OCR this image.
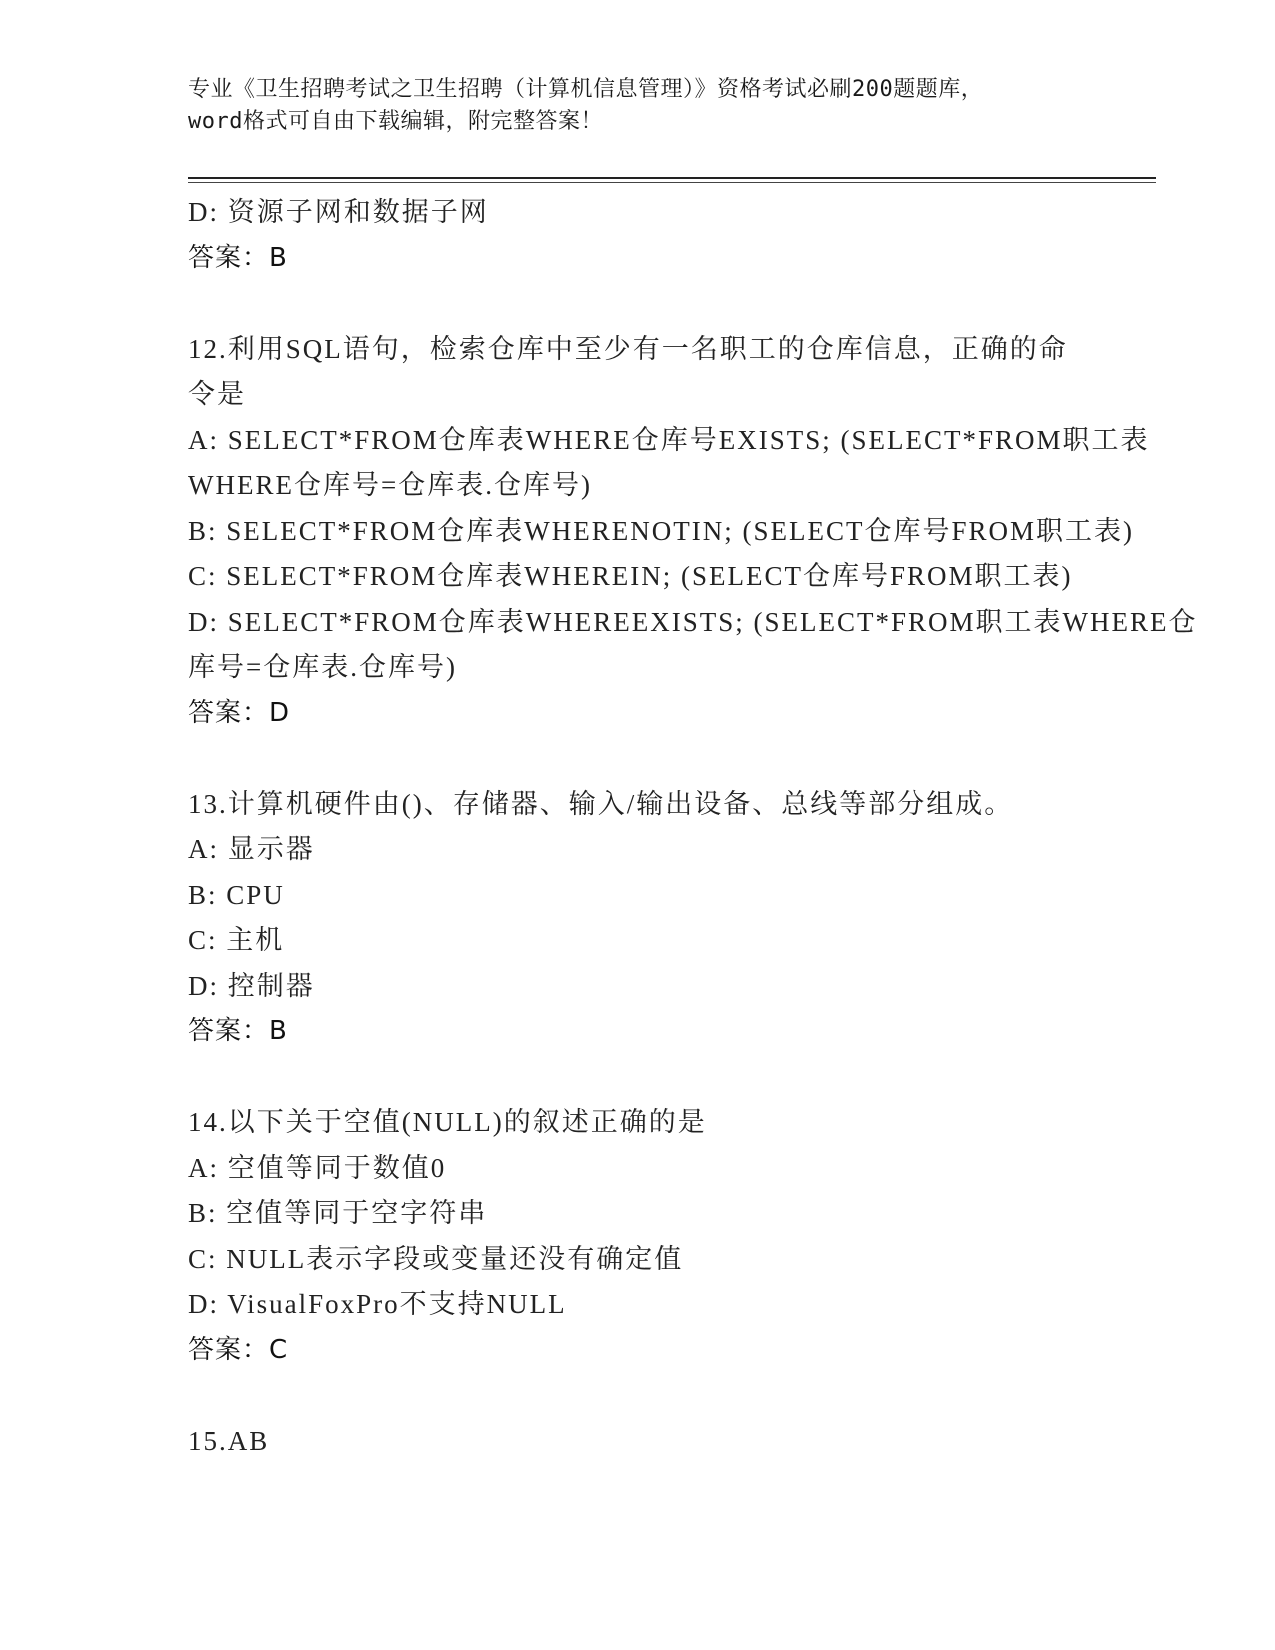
专业《卫生招聘考试之卫生招聘（计算机信息管理）》资格考试必刷200题题库，
word格式可自由下载编辑，附完整答案！
D: 资源子网和数据子网
答案：B
12.利用SQL语句，检索仓库中至少有一名职工的仓库信息，正确的命
令是
A: SELECT*FROM仓库表WHERE仓库号EXISTS; (SELECT*FROM职工表
WHERE仓库号=仓库表.仓库号)
B: SELECT*FROM仓库表WHERENOTIN; (SELECT仓库号FROM职工表)
C: SELECT*FROM仓库表WHEREIN; (SELECT仓库号FROM职工表)
D: SELECT*FROM仓库表WHEREEXISTS; (SELECT*FROM职工表WHERE仓
库号=仓库表.仓库号)
答案：D
13.计算机硬件由()、存储器、输入/输出设备、总线等部分组成。
A: 显示器
B: CPU
C: 主机
D: 控制器
答案：B
14.以下关于空值(NULL)的叙述正确的是
A: 空值等同于数值0
B: 空值等同于空字符串
C: NULL表示字段或变量还没有确定值
D: VisualFoxPro不支持NULL
答案：C
15.AB
